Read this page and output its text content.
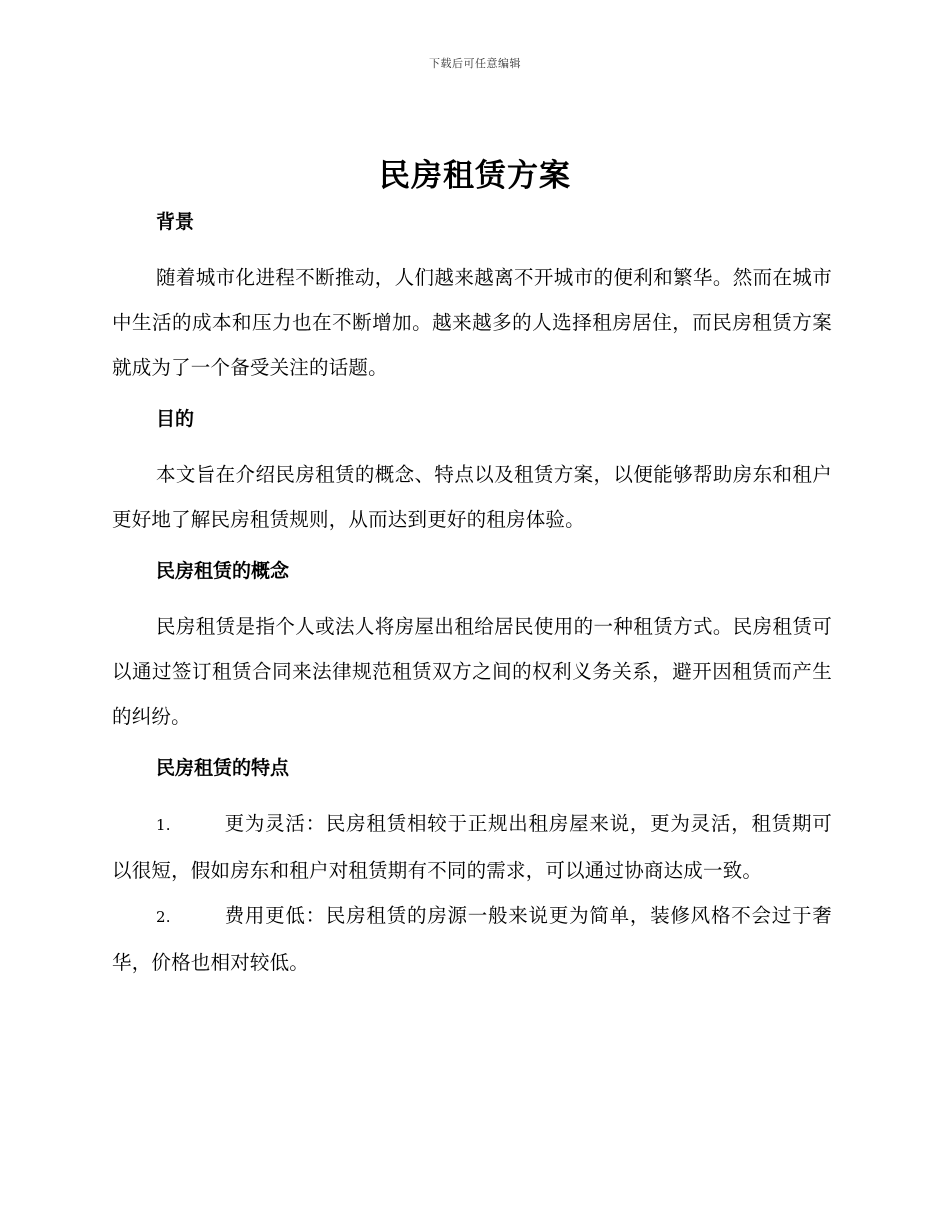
下载后可任意编辑
民房租赁方案
背景

随着城市化进程不断推动，人们越来越离不开城市的便利和繁华。然而在城市中生活的成本和压力也在不断增加。越来越多的人选择租房居住，而民房租赁方案就成为了一个备受关注的话题。

目的

本文旨在介绍民房租赁的概念、特点以及租赁方案，以便能够帮助房东和租户更好地了解民房租赁规则，从而达到更好的租房体验。

民房租赁的概念

民房租赁是指个人或法人将房屋出租给居民使用的一种租赁方式。民房租赁可以通过签订租赁合同来法律规范租赁双方之间的权利义务关系，避开因租赁而产生的纠纷。

民房租赁的特点

1.	更为灵活：民房租赁相较于正规出租房屋来说，更为灵活，租赁期可以很短，假如房东和租户对租赁期有不同的需求，可以通过协商达成一致。

2.	费用更低：民房租赁的房源一般来说更为简单，装修风格不会过于奢华，价格也相对较低。
